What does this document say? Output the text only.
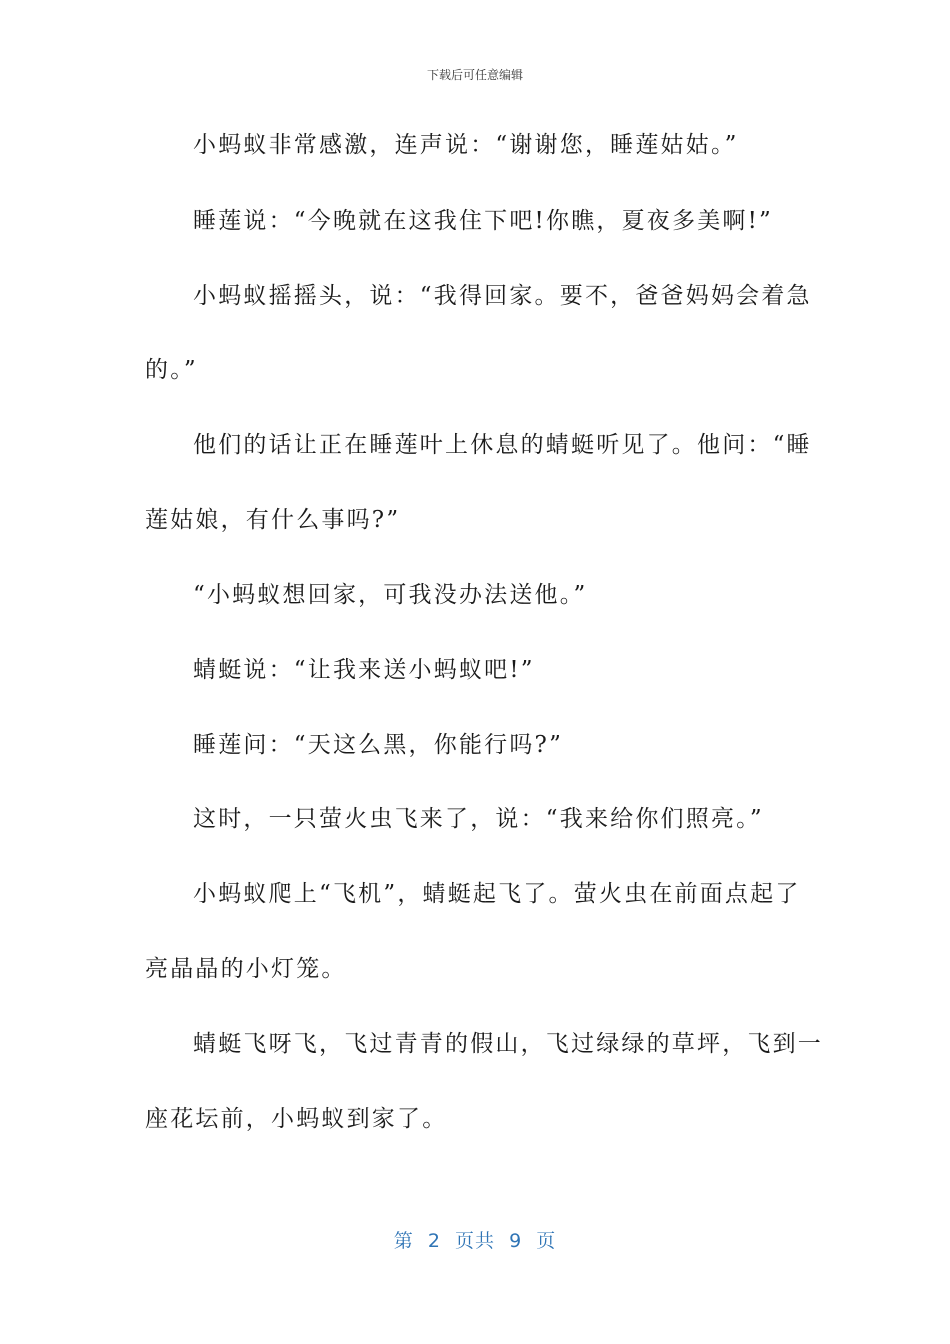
下载后可任意编辑
小蚂蚁非常感激，连声说：“谢谢您，睡莲姑姑。”
睡莲说：“今晚就在这我住下吧!你瞧，夏夜多美啊!”
小蚂蚁摇摇头，说：“我得回家。要不，爸爸妈妈会着急
的。”
他们的话让正在睡莲叶上休息的蜻蜓听见了。他问：“睡
莲姑娘，有什么事吗?”
“小蚂蚁想回家，可我没办法送他。”
蜻蜓说：“让我来送小蚂蚁吧!”
睡莲问：“天这么黑，你能行吗?”
这时，一只萤火虫飞来了，说：“我来给你们照亮。”
小蚂蚁爬上“飞机”，蜻蜓起飞了。萤火虫在前面点起了
亮晶晶的小灯笼。
蜻蜓飞呀飞，飞过青青的假山，飞过绿绿的草坪，飞到一
座花坛前，小蚂蚁到家了。
第  2  页共  9  页
